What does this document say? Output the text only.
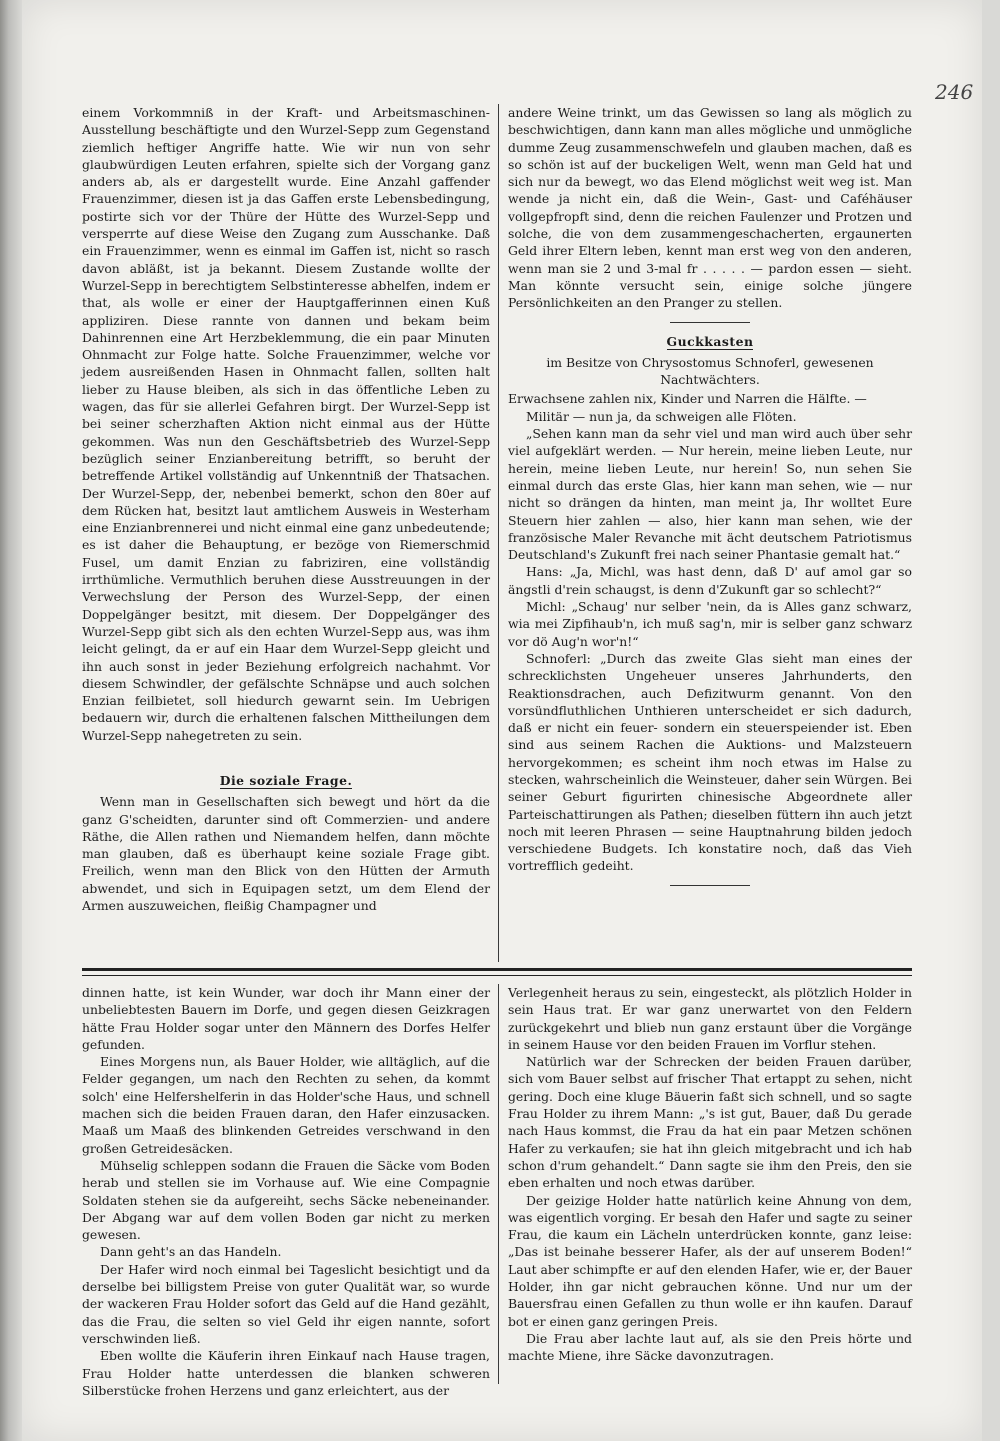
246

einem Vorkommniß in der Kraft- und Arbeitsmaschinen-Ausstellung beschäftigte und den Wurzel-Sepp zum Gegenstand ziemlich heftiger Angriffe hatte. Wie wir nun von sehr glaubwürdigen Leuten erfahren, spielte sich der Vorgang ganz anders ab, als er dargestellt wurde. Eine Anzahl gaffender Frauenzimmer, diesen ist ja das Gaffen erste Lebensbedingung, postirte sich vor der Thüre der Hütte des Wurzel-Sepp und versperrte auf diese Weise den Zugang zum Ausschanke. Daß ein Frauenzimmer, wenn es einmal im Gaffen ist, nicht so rasch davon abläßt, ist ja bekannt. Diesem Zustande wollte der Wurzel-Sepp in berechtigtem Selbstinteresse abhelfen, indem er that, als wolle er einer der Hauptgafferinnen einen Kuß appliziren. Diese rannte von dannen und bekam beim Dahinrennen eine Art Herzbeklemmung, die ein paar Minuten Ohnmacht zur Folge hatte. Solche Frauenzimmer, welche vor jedem ausreißenden Hasen in Ohnmacht fallen, sollten halt lieber zu Hause bleiben, als sich in das öffentliche Leben zu wagen, das für sie allerlei Gefahren birgt. Der Wurzel-Sepp ist bei seiner scherzhaften Aktion nicht einmal aus der Hütte gekommen. Was nun den Geschäftsbetrieb des Wurzel-Sepp bezüglich seiner Enzianbereitung betrifft, so beruht der betreffende Artikel vollständig auf Unkenntniß der Thatsachen. Der Wurzel-Sepp, der, nebenbei bemerkt, schon den 80er auf dem Rücken hat, besitzt laut amtlichem Ausweis in Westerham eine Enzianbrennerei und nicht einmal eine ganz unbedeutende; es ist daher die Behauptung, er bezöge von Riemerschmid Fusel, um damit Enzian zu fabriziren, eine vollständig irrthümliche. Vermuthlich beruhen diese Ausstreuungen in der Verwechslung der Person des Wurzel-Sepp, der einen Doppelgänger besitzt, mit diesem. Der Doppelgänger des Wurzel-Sepp gibt sich als den echten Wurzel-Sepp aus, was ihm leicht gelingt, da er auf ein Haar dem Wurzel-Sepp gleicht und ihn auch sonst in jeder Beziehung erfolgreich nachahmt. Vor diesem Schwindler, der gefälschte Schnäpse und auch solchen Enzian feilbietet, soll hiedurch gewarnt sein. Im Uebrigen bedauern wir, durch die erhaltenen falschen Mittheilungen dem Wurzel-Sepp nahegetreten zu sein.

Die soziale Frage.

Wenn man in Gesellschaften sich bewegt und hört da die ganz G'scheidten, darunter sind oft Commerzien- und andere Räthe, die Allen rathen und Niemandem helfen, dann möchte man glauben, daß es überhaupt keine soziale Frage gibt. Freilich, wenn man den Blick von den Hütten der Armuth abwendet, und sich in Equipagen setzt, um dem Elend der Armen auszuweichen, fleißig Champagner und

andere Weine trinkt, um das Gewissen so lang als möglich zu beschwichtigen, dann kann man alles mögliche und unmögliche dumme Zeug zusammenschwefeln und glauben machen, daß es so schön ist auf der buckeligen Welt, wenn man Geld hat und sich nur da bewegt, wo das Elend möglichst weit weg ist. Man wende ja nicht ein, daß die Wein-, Gast- und Caféhäuser vollgepfropft sind, denn die reichen Faulenzer und Protzen und solche, die von dem zusammengeschacherten, ergaunerten Geld ihrer Eltern leben, kennt man erst weg von den anderen, wenn man sie 2 und 3-mal fr . . . . . — pardon essen — sieht. Man könnte versucht sein, einige solche jüngere Persönlichkeiten an den Pranger zu stellen.

Guckkasten
im Besitze von Chrysostomus Schnoferl, gewesenen Nachtwächters.

Erwachsene zahlen nix, Kinder und Narren die Hälfte. —

Militär — nun ja, da schweigen alle Flöten.

„Sehen kann man da sehr viel und man wird auch über sehr viel aufgeklärt werden. — Nur herein, meine lieben Leute, nur herein, meine lieben Leute, nur herein! So, nun sehen Sie einmal durch das erste Glas, hier kann man sehen, wie — nur nicht so drängen da hinten, man meint ja, Ihr wolltet Eure Steuern hier zahlen — also, hier kann man sehen, wie der französische Maler Revanche mit ächt deutschem Patriotismus Deutschland's Zukunft frei nach seiner Phantasie gemalt hat.“

Hans: „Ja, Michl, was hast denn, daß D' auf amol gar so ängstli d'rein schaugst, is denn d'Zukunft gar so schlecht?“

Michl: „Schaug' nur selber 'nein, da is Alles ganz schwarz, wia mei Zipfihaub'n, ich muß sag'n, mir is selber ganz schwarz vor dö Aug'n wor'n!“

Schnoferl: „Durch das zweite Glas sieht man eines der schrecklichsten Ungeheuer unseres Jahrhunderts, den Reaktionsdrachen, auch Defizitwurm genannt. Von den vorsündfluthlichen Unthieren unterscheidet er sich dadurch, daß er nicht ein feuer- sondern ein steuerspeiender ist. Eben sind aus seinem Rachen die Auktions- und Malzsteuern hervorgekommen; es scheint ihm noch etwas im Halse zu stecken, wahrscheinlich die Weinsteuer, daher sein Würgen. Bei seiner Geburt figurirten chinesische Abgeordnete aller Parteischattirungen als Pathen; dieselben füttern ihn auch jetzt noch mit leeren Phrasen — seine Hauptnahrung bilden jedoch verschiedene Budgets. Ich konstatire noch, daß das Vieh vortrefflich gedeiht.

dinnen hatte, ist kein Wunder, war doch ihr Mann einer der unbeliebtesten Bauern im Dorfe, und gegen diesen Geizkragen hätte Frau Holder sogar unter den Männern des Dorfes Helfer gefunden.

Eines Morgens nun, als Bauer Holder, wie alltäglich, auf die Felder gegangen, um nach den Rechten zu sehen, da kommt solch' eine Helfershelferin in das Holder'sche Haus, und schnell machen sich die beiden Frauen daran, den Hafer einzusacken. Maaß um Maaß des blinkenden Getreides verschwand in den großen Getreidesäcken.

Mühselig schleppen sodann die Frauen die Säcke vom Boden herab und stellen sie im Vorhause auf. Wie eine Compagnie Soldaten stehen sie da aufgereiht, sechs Säcke nebeneinander. Der Abgang war auf dem vollen Boden gar nicht zu merken gewesen.

Dann geht's an das Handeln.

Der Hafer wird noch einmal bei Tageslicht besichtigt und da derselbe bei billigstem Preise von guter Qualität war, so wurde der wackeren Frau Holder sofort das Geld auf die Hand gezählt, das die Frau, die selten so viel Geld ihr eigen nannte, sofort verschwinden ließ.

Eben wollte die Käuferin ihren Einkauf nach Hause tragen, Frau Holder hatte unterdessen die blanken schweren Silberstücke frohen Herzens und ganz erleichtert, aus der

Verlegenheit heraus zu sein, eingesteckt, als plötzlich Holder in sein Haus trat. Er war ganz unerwartet von den Feldern zurückgekehrt und blieb nun ganz erstaunt über die Vorgänge in seinem Hause vor den beiden Frauen im Vorflur stehen.

Natürlich war der Schrecken der beiden Frauen darüber, sich vom Bauer selbst auf frischer That ertappt zu sehen, nicht gering. Doch eine kluge Bäuerin faßt sich schnell, und so sagte Frau Holder zu ihrem Mann: „'s ist gut, Bauer, daß Du gerade nach Haus kommst, die Frau da hat ein paar Metzen schönen Hafer zu verkaufen; sie hat ihn gleich mitgebracht und ich hab schon d'rum gehandelt.“ Dann sagte sie ihm den Preis, den sie eben erhalten und noch etwas darüber.

Der geizige Holder hatte natürlich keine Ahnung von dem, was eigentlich vorging. Er besah den Hafer und sagte zu seiner Frau, die kaum ein Lächeln unterdrücken konnte, ganz leise: „Das ist beinahe besserer Hafer, als der auf unserem Boden!“ Laut aber schimpfte er auf den elenden Hafer, wie er, der Bauer Holder, ihn gar nicht gebrauchen könne. Und nur um der Bauersfrau einen Gefallen zu thun wolle er ihn kaufen. Darauf bot er einen ganz geringen Preis.

Die Frau aber lachte laut auf, als sie den Preis hörte und machte Miene, ihre Säcke davonzutragen.
